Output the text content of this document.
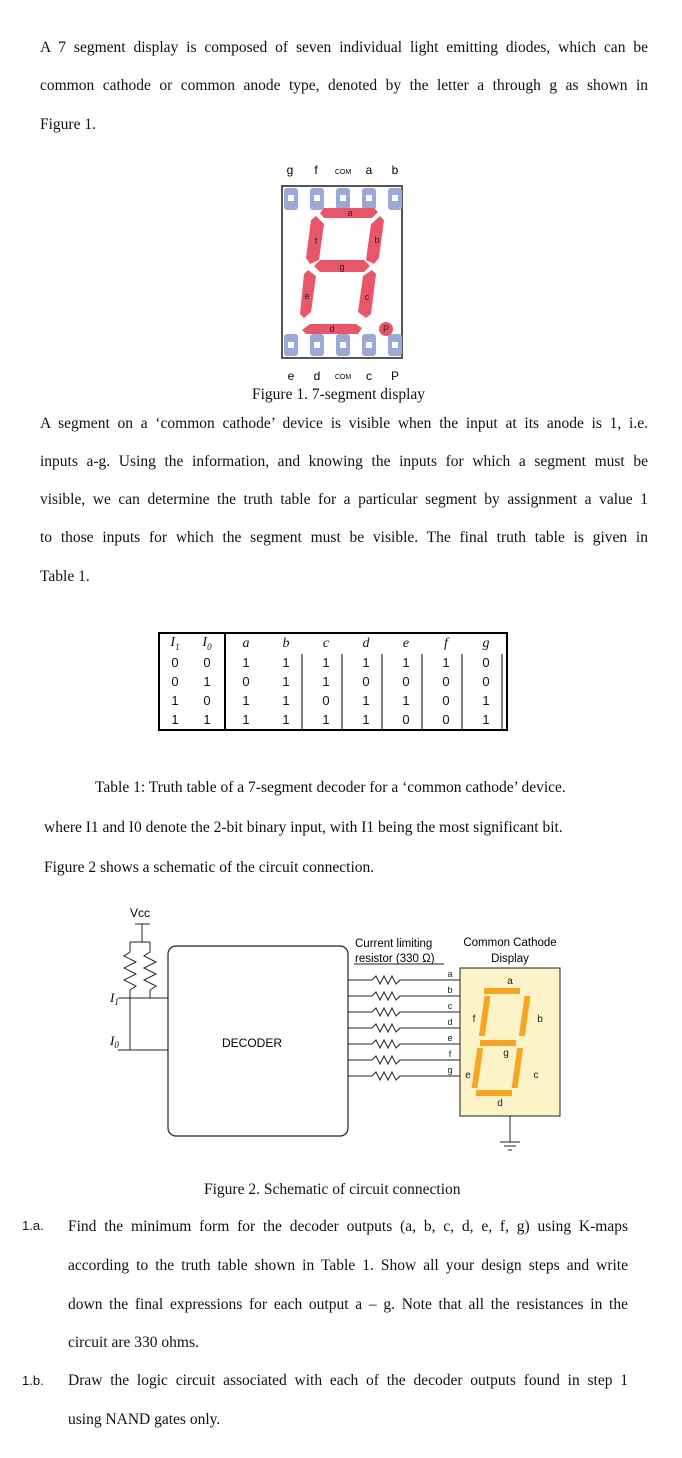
A 7 segment display is composed of seven individual light emitting diodes, which can be
common cathode or common anode type, denoted by the letter a through g as shown in
Figure 1.
g f COM a b
a
b
c
d
e
f
g
P
e d COM c P
Figure 1. 7-segment display
A segment on a ‘common cathode’ device is visible when the input at its anode is 1, i.e.
inputs a-g. Using the information, and knowing the inputs for which a segment must be
visible, we can determine the truth table for a particular segment by assignment a value 1
to those inputs for which the segment must be visible. The final truth table is given in
Table 1.
$I_1$	$I_0$	a	b	c	d	e	f	g
0	0	1	1	1	1	1	1	0
0	1	0	1	1	0	0	0	0
1	0	1	1	0	1	1	0	1
1	1	1	1	1	1	0	0	1
Table 1: Truth table of a 7-segment decoder for a ‘common cathode’ device.
where I1 and I0 denote the 2-bit binary input, with I1 being the most significant bit.
Figure 2 shows a schematic of the circuit connection.
Vcc
$I_1$
$I_0$	DECODER
Current limiting
resistor (330 Ω)
Common Cathode
Display
a
b
c
d
e
f
g
a
b
c
d
e
f
g
Figure 2. Schematic of circuit connection
1.a. Find the minimum form for the decoder outputs (a, b, c, d, e, f, g) using K-maps
according to the truth table shown in Table 1. Show all your design steps and write
down the final expressions for each output a – g. Note that all the resistances in the
circuit are 330 ohms.
1.b. Draw the logic circuit associated with each of the decoder outputs found in step 1
using NAND gates only.
